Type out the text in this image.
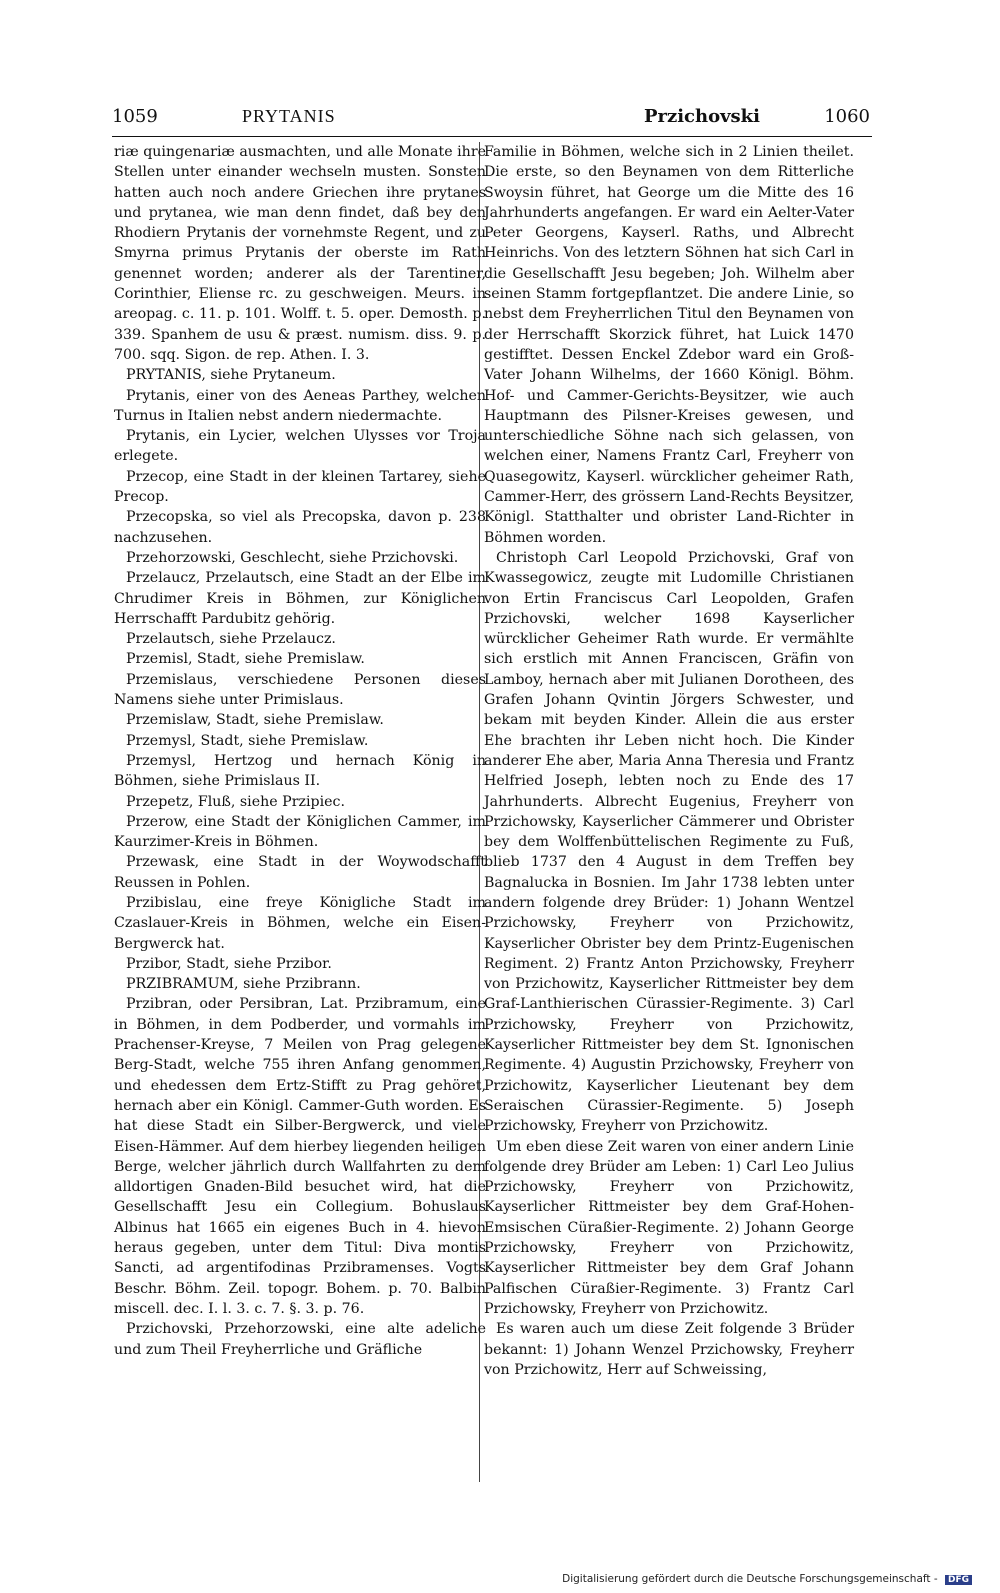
1059	PRYTANIS	Przichovski	1060

riæ quingenariæ ausmachten, und alle Monate ihre Stellen unter einander wechseln musten. Sonsten hatten auch noch andere Griechen ihre prytanes und prytanea, wie man denn findet, daß bey den Rhodiern Prytanis der vornehmste Regent, und zu Smyrna primus Prytanis der oberste im Rath genennet worden; anderer als der Tarentiner, Corinthier, Eliense rc. zu geschweigen. Meurs. in areopag. c. 11. p. 101. Wolff. t. 5. oper. Demosth. p. 339. Spanhem de usu & præst. numism. diss. 9. p. 700. sqq. Sigon. de rep. Athen. I. 3.

PRYTANIS, siehe Prytaneum.

Prytanis, einer von des Aeneas Parthey, welchen Turnus in Italien nebst andern niedermachte.

Prytanis, ein Lycier, welchen Ulysses vor Troja erlegete.

Przecop, eine Stadt in der kleinen Tartarey, siehe Precop.

Przecopska, so viel als Precopska, davon p. 238 nachzusehen.

Przehorzowski, Geschlecht, siehe Przichovski.

Przelaucz, Przelautsch, eine Stadt an der Elbe im Chrudimer Kreis in Böhmen, zur Königlichen Herrschafft Pardubitz gehörig.

Przelautsch, siehe Przelaucz.

Przemisl, Stadt, siehe Premislaw.

Przemislaus, verschiedene Personen dieses Namens siehe unter Primislaus.

Przemislaw, Stadt, siehe Premislaw.

Przemysl, Stadt, siehe Premislaw.

Przemysl, Hertzog und hernach König in Böhmen, siehe Primislaus II.

Przepetz, Fluß, siehe Przipiec.

Przerow, eine Stadt der Königlichen Cammer, im Kaurzimer-Kreis in Böhmen.

Przewask, eine Stadt in der Woywodschafft Reussen in Pohlen.

Przibislau, eine freye Königliche Stadt im Czaslauer-Kreis in Böhmen, welche ein Eisen-Bergwerck hat.

Przibor, Stadt, siehe Przibor.

PRZIBRAMUM, siehe Przibrann.

Przibran, oder Persibran, Lat. Przibramum, eine in Böhmen, in dem Podberder, und vormahls im Prachenser-Kreyse, 7 Meilen von Prag gelegene Berg-Stadt, welche 755 ihren Anfang genommen, und ehedessen dem Ertz-Stifft zu Prag gehöret, hernach aber ein Königl. Cammer-Guth worden. Es hat diese Stadt ein Silber-Bergwerck, und viele Eisen-Hämmer. Auf dem hierbey liegenden heiligen Berge, welcher jährlich durch Wallfahrten zu dem alldortigen Gnaden-Bild besuchet wird, hat die Gesellschafft Jesu ein Collegium. Bohuslaus Albinus hat 1665 ein eigenes Buch in 4. hievon heraus gegeben, unter dem Titul: Diva montis Sancti, ad argentifodinas Przibramenses. Vogts Beschr. Böhm. Zeil. topogr. Bohem. p. 70. Balbin miscell. dec. I. l. 3. c. 7. §. 3. p. 76.

Przichovski, Przehorzowski, eine alte adeliche und zum Theil Freyherrliche und Gräfliche

Familie in Böhmen, welche sich in 2 Linien theilet. Die erste, so den Beynamen von dem Ritterliche Swoysin führet, hat George um die Mitte des 16 Jahrhunderts angefangen. Er ward ein Aelter-Vater Peter Georgens, Kayserl. Raths, und Albrecht Heinrichs. Von des letztern Söhnen hat sich Carl in die Gesellschafft Jesu begeben; Joh. Wilhelm aber seinen Stamm fortgepflantzet. Die andere Linie, so nebst dem Freyherrlichen Titul den Beynamen von der Herrschafft Skorzick führet, hat Luick 1470 gestifftet. Dessen Enckel Zdebor ward ein Groß-Vater Johann Wilhelms, der 1660 Königl. Böhm. Hof- und Cammer-Gerichts-Beysitzer, wie auch Hauptmann des Pilsner-Kreises gewesen, und unterschiedliche Söhne nach sich gelassen, von welchen einer, Namens Frantz Carl, Freyherr von Quasegowitz, Kayserl. würcklicher geheimer Rath, Cammer-Herr, des grössern Land-Rechts Beysitzer, Königl. Statthalter und obrister Land-Richter in Böhmen worden.

Christoph Carl Leopold Przichovski, Graf von Kwassegowicz, zeugte mit Ludomille Christianen von Ertin Franciscus Carl Leopolden, Grafen Przichovski, welcher 1698 Kayserlicher würcklicher Geheimer Rath wurde. Er vermählte sich erstlich mit Annen Franciscen, Gräfin von Lamboy, hernach aber mit Julianen Dorotheen, des Grafen Johann Qvintin Jörgers Schwester, und bekam mit beyden Kinder. Allein die aus erster Ehe brachten ihr Leben nicht hoch. Die Kinder anderer Ehe aber, Maria Anna Theresia und Frantz Helfried Joseph, lebten noch zu Ende des 17 Jahrhunderts. Albrecht Eugenius, Freyherr von Przichowsky, Kayserlicher Cämmerer und Obrister bey dem Wolffenbüttelischen Regimente zu Fuß, blieb 1737 den 4 August in dem Treffen bey Bagnalucka in Bosnien. Im Jahr 1738 lebten unter andern folgende drey Brüder: 1) Johann Wentzel Przichowsky, Freyherr von Przichowitz, Kayserlicher Obrister bey dem Printz-Eugenischen Regiment. 2) Frantz Anton Przichowsky, Freyherr von Przichowitz, Kayserlicher Rittmeister bey dem Graf-Lanthierischen Cürassier-Regimente. 3) Carl Przichowsky, Freyherr von Przichowitz, Kayserlicher Rittmeister bey dem St. Ignonischen Regimente. 4) Augustin Przichowsky, Freyherr von Przichowitz, Kayserlicher Lieutenant bey dem Seraischen Cürassier-Regimente. 5) Joseph Przichowsky, Freyherr von Przichowitz.

Um eben diese Zeit waren von einer andern Linie folgende drey Brüder am Leben: 1) Carl Leo Julius Przichowsky, Freyherr von Przichowitz, Kayserlicher Rittmeister bey dem Graf-Hohen-Emsischen Cüraßier-Regimente. 2) Johann George Przichowsky, Freyherr von Przichowitz, Kayserlicher Rittmeister bey dem Graf Johann Palfischen Cüraßier-Regimente. 3) Frantz Carl Przichowsky, Freyherr von Przichowitz.

Es waren auch um diese Zeit folgende 3 Brüder bekannt: 1) Johann Wenzel Przichowsky, Freyherr von Przichowitz, Herr auf Schweissing,

Digitalisierung gefördert durch die Deutsche Forschungsgemeinschaft - DFG
